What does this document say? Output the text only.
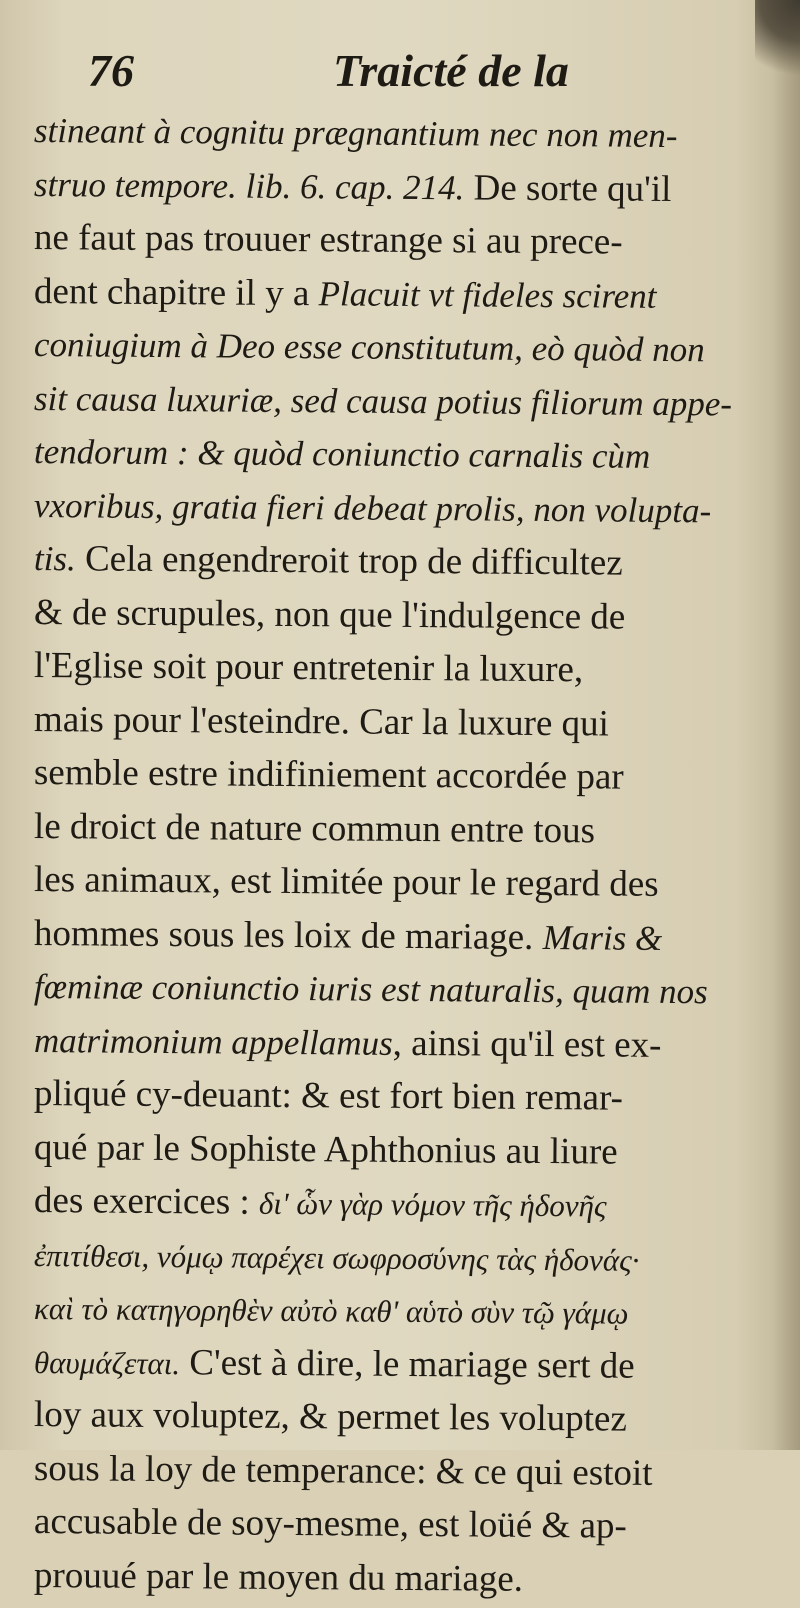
76	Traicté de la
stineant à cognitu prægnantium nec non men-
struo tempore. lib. 6. cap. 214. De sorte qu'il
ne faut pas trouuer estrange si au prece-
dent chapitre il y a Placuit vt fideles scirent
coniugium à Deo esse constitutum, eò quòd non
sit causa luxuriæ, sed causa potius filiorum appe-
tendorum : & quòd coniunctio carnalis cùm
vxoribus, gratia fieri debeat prolis, non volupta-
tis. Cela engendreroit trop de difficultez
& de scrupules, non que l'indulgence de
l'Eglise soit pour entretenir la luxure,
mais pour l'esteindre. Car la luxure qui
semble estre indifiniement accordée par
le droict de nature commun entre tous
les animaux, est limitée pour le regard des
hommes sous les loix de mariage. Maris &
fœminæ coniunctio iuris est naturalis, quam nos
matrimonium appellamus, ainsi qu'il est ex-
pliqué cy-deuant: & est fort bien remar-
qué par le Sophiste Aphthonius au liure
des exercices : δι' ὧν γὰρ νόμον τῆς ἡδονῆς
ἐπιτίθεσι, νόμῳ παρέχει σωφροσύνης τὰς ἡδονάς·
καὶ τὸ κατηγορηθὲν αὐτὸ καθ' αὑτὸ σὺν τῷ γάμῳ
θαυμάζεται. C'est à dire, le mariage sert de
loy aux voluptez, & permet les voluptez
sous la loy de temperance: & ce qui estoit
accusable de soy-mesme, est loüé & ap-
prouué par le moyen du mariage.
